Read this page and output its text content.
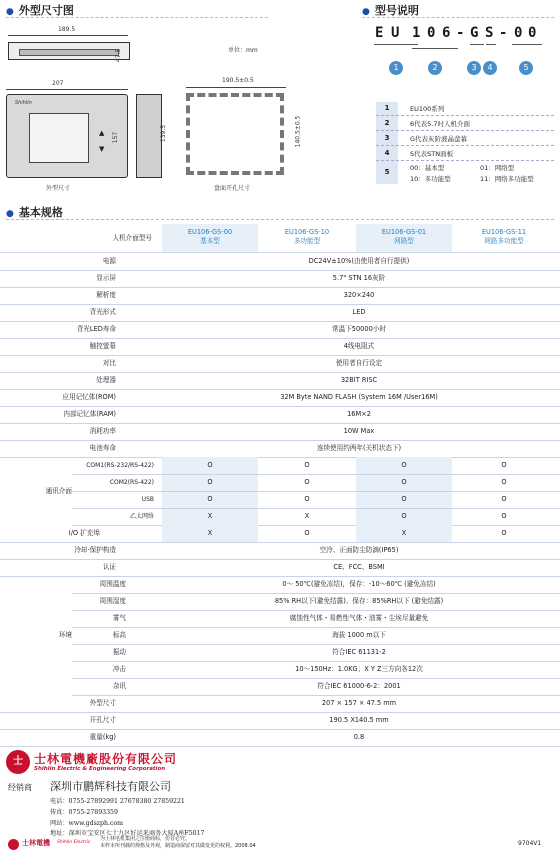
● 外型尺寸图
189.5
47.5	单位：mm
207
Shihlin
▲
▼
157	139.5
外型尺寸
190.5±0.5
140.5±0.5
盘面开孔尺寸
● 型号说明
E U 1 0 6 - G S - 0 0
1	2	3	4	5
1	EU100系列
2	6代表5.7吋人机介面
3	G代表灰阶液晶萤幕
4	S代表STN面板
5	00：基本型	01：网络型
10：多功能型	11：网络多功能型
● 基本规格
人机介面型号
EU106-GS-00
基本型
EU106-GS-10
多功能型
EU106-GS-01
网路型
EU106-GS-11
网路多功能型
电源	DC24V±10%(由使用者自行提供)
显示屏	5.7" STN 16灰阶
解析度	320×240
背光形式	LED
背光LED寿命	常温下50000小时
触控萤幕	4线电阻式
对比	使用者自行设定
处理器	32BIT RISC
应用记忆体(ROM)	32M Byte NAND FLASH (System 16M /User16M)
内部记忆体(RAM)	16M×2
消耗功率	10W Max
电池寿命	连续使用约两年(关机状态下)
通讯介面
COM1(RS-232/RS-422)	O	O	O	O
COM2(RS-422)	O	O	O	O
USB	O	O	O	O
乙太网络	X	X	O	O
I/O 扩充埠	X	O	X	O
冷却·保护构造	空冷、正面防尘防滴(IP65)
认证	CE、FCC、BSMI
环境
周围温度	0～ 50℃(避免冻结)，保存：-10～60℃ (避免冻结)
周围湿度	85% RH以下(避免结露)、保存：85%RH以下 (避免结露)
雾气	腐蚀性气体・易燃性气体・油雾・尘埃尽量避免
标高	海拔 1000 m以下
振动	符合IEC 61131-2
冲击	10～150Hz：1.0KG；X Y Z三方向各12次
杂讯	符合IEC 61000-6-2：2001
外型尺寸	207 × 157 × 47.5 mm
开孔尺寸	190.5 X140.5 mm
重量(kg)	0.8
士 士林電機廠股份有限公司
Shihlin Electric & Engineering Corporation
经销商 深圳市鹏辉科技有限公司
电话：0755-27892991 27678380 27859221
传真：0755-27893359
网站：www.gdszph.com
地址：深圳市宝安区七十九区好运来商务大厦A座F5017
士林電機 Shihlin Electric
为士林电机集团之注册商标，仿冒必究。
本样本所刊载的规格及外观，制造商保留对其做变更的权利。2008.04	9704V1
